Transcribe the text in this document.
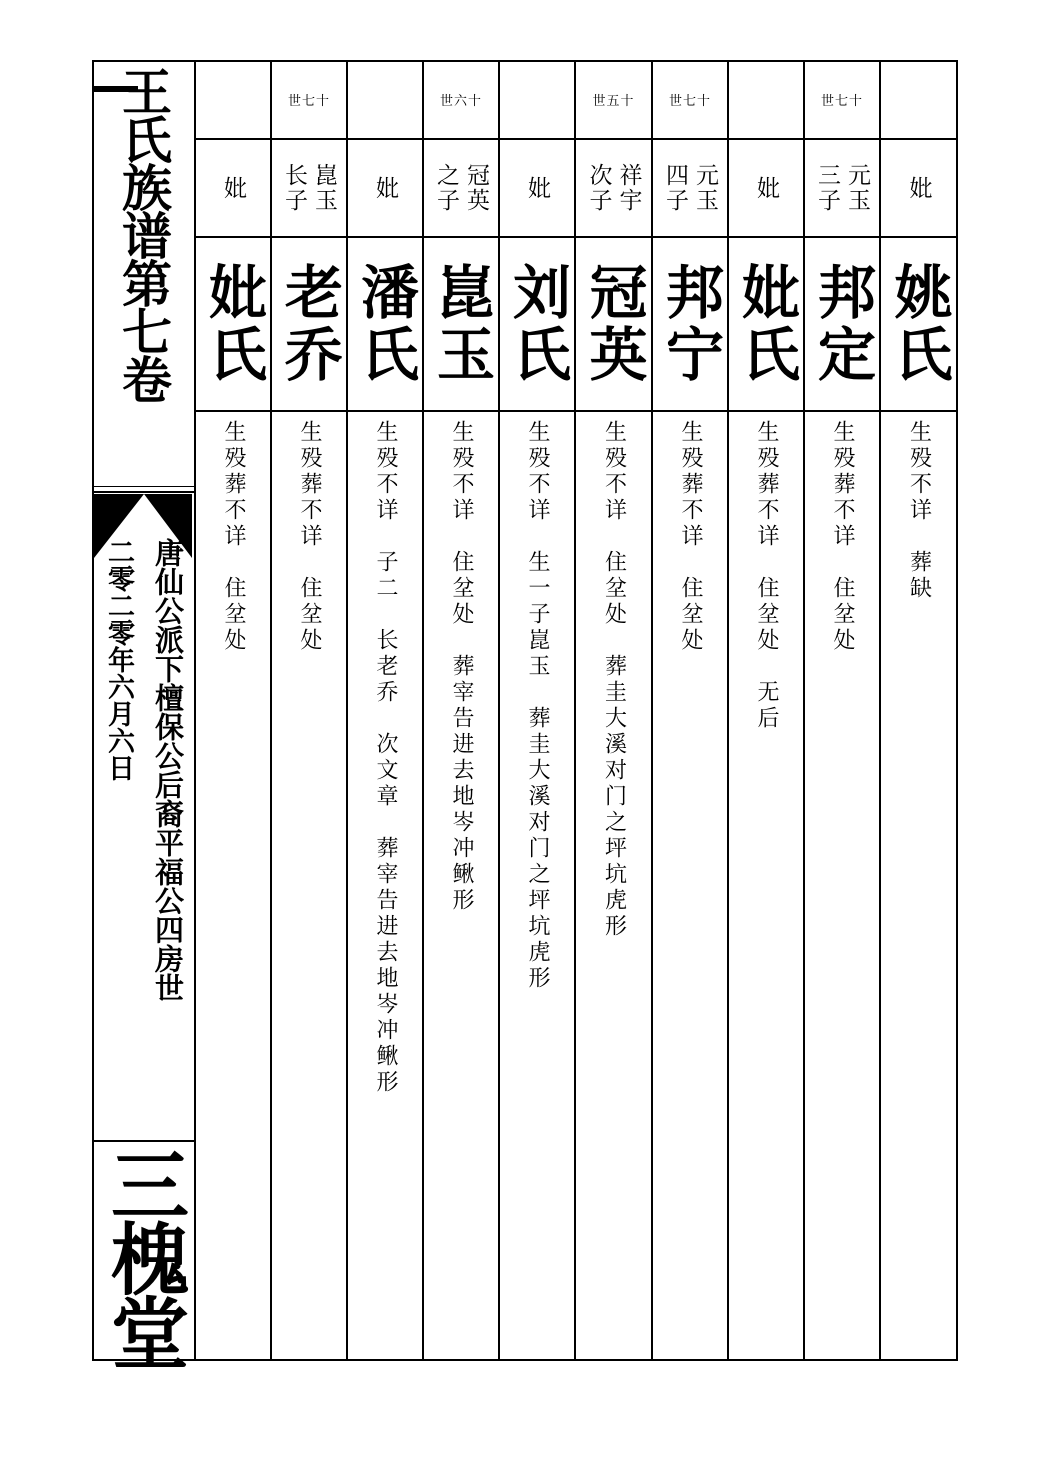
王氏族谱第七卷
唐仙公派下檀保公后裔平福公四房世
二零二零年六月六日
三槐堂
妣
姚氏
生殁不详　葬缺
世七十
元玉
三子
邦定
生殁葬不详　住坌处
妣
妣氏
生殁葬不详　住坌处　无后
世七十
元玉
四子
邦宁
生殁葬不详　住坌处
世五十
祥宇
次子
冠英
生殁不详　住坌处　葬圭大溪对门之坪坑虎形
妣
刘氏
生殁不详　生一子崑玉　葬圭大溪对门之坪坑虎形
世六十
冠英
之子
崑玉
生殁不详　住坌处　葬宰告进去地岑冲鳅形
妣
潘氏
生殁不详　子二　长老乔　次文章　葬宰告进去地岑冲鳅形
世七十
崑玉
长子
老乔
生殁葬不详　住坌处
妣
妣氏
生殁葬不详　住坌处
